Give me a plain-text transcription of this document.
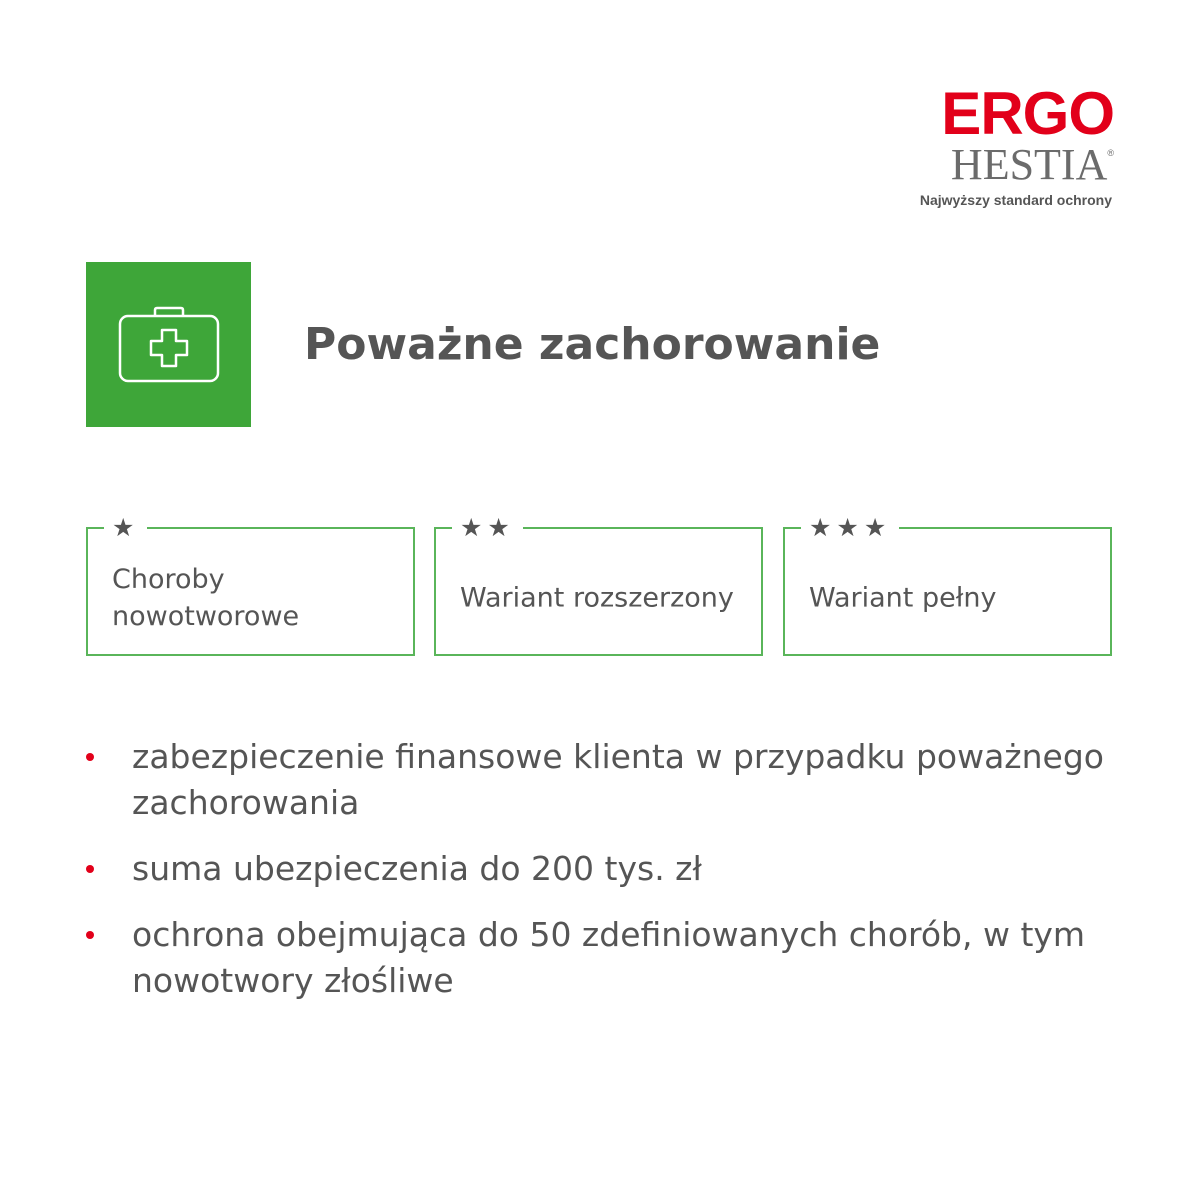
ERGO
HESTIA®
Najwyższy standard ochrony
Poważne zachorowanie
★
Choroby nowotworowe
★★
Wariant rozszerzony
★★★
Wariant pełny
zabezpieczenie finansowe klienta w przypadku poważnego zachorowania
suma ubezpieczenia do 200 tys. zł
ochrona obejmująca do 50 zdefiniowanych chorób, w tym nowotwory złośliwe
